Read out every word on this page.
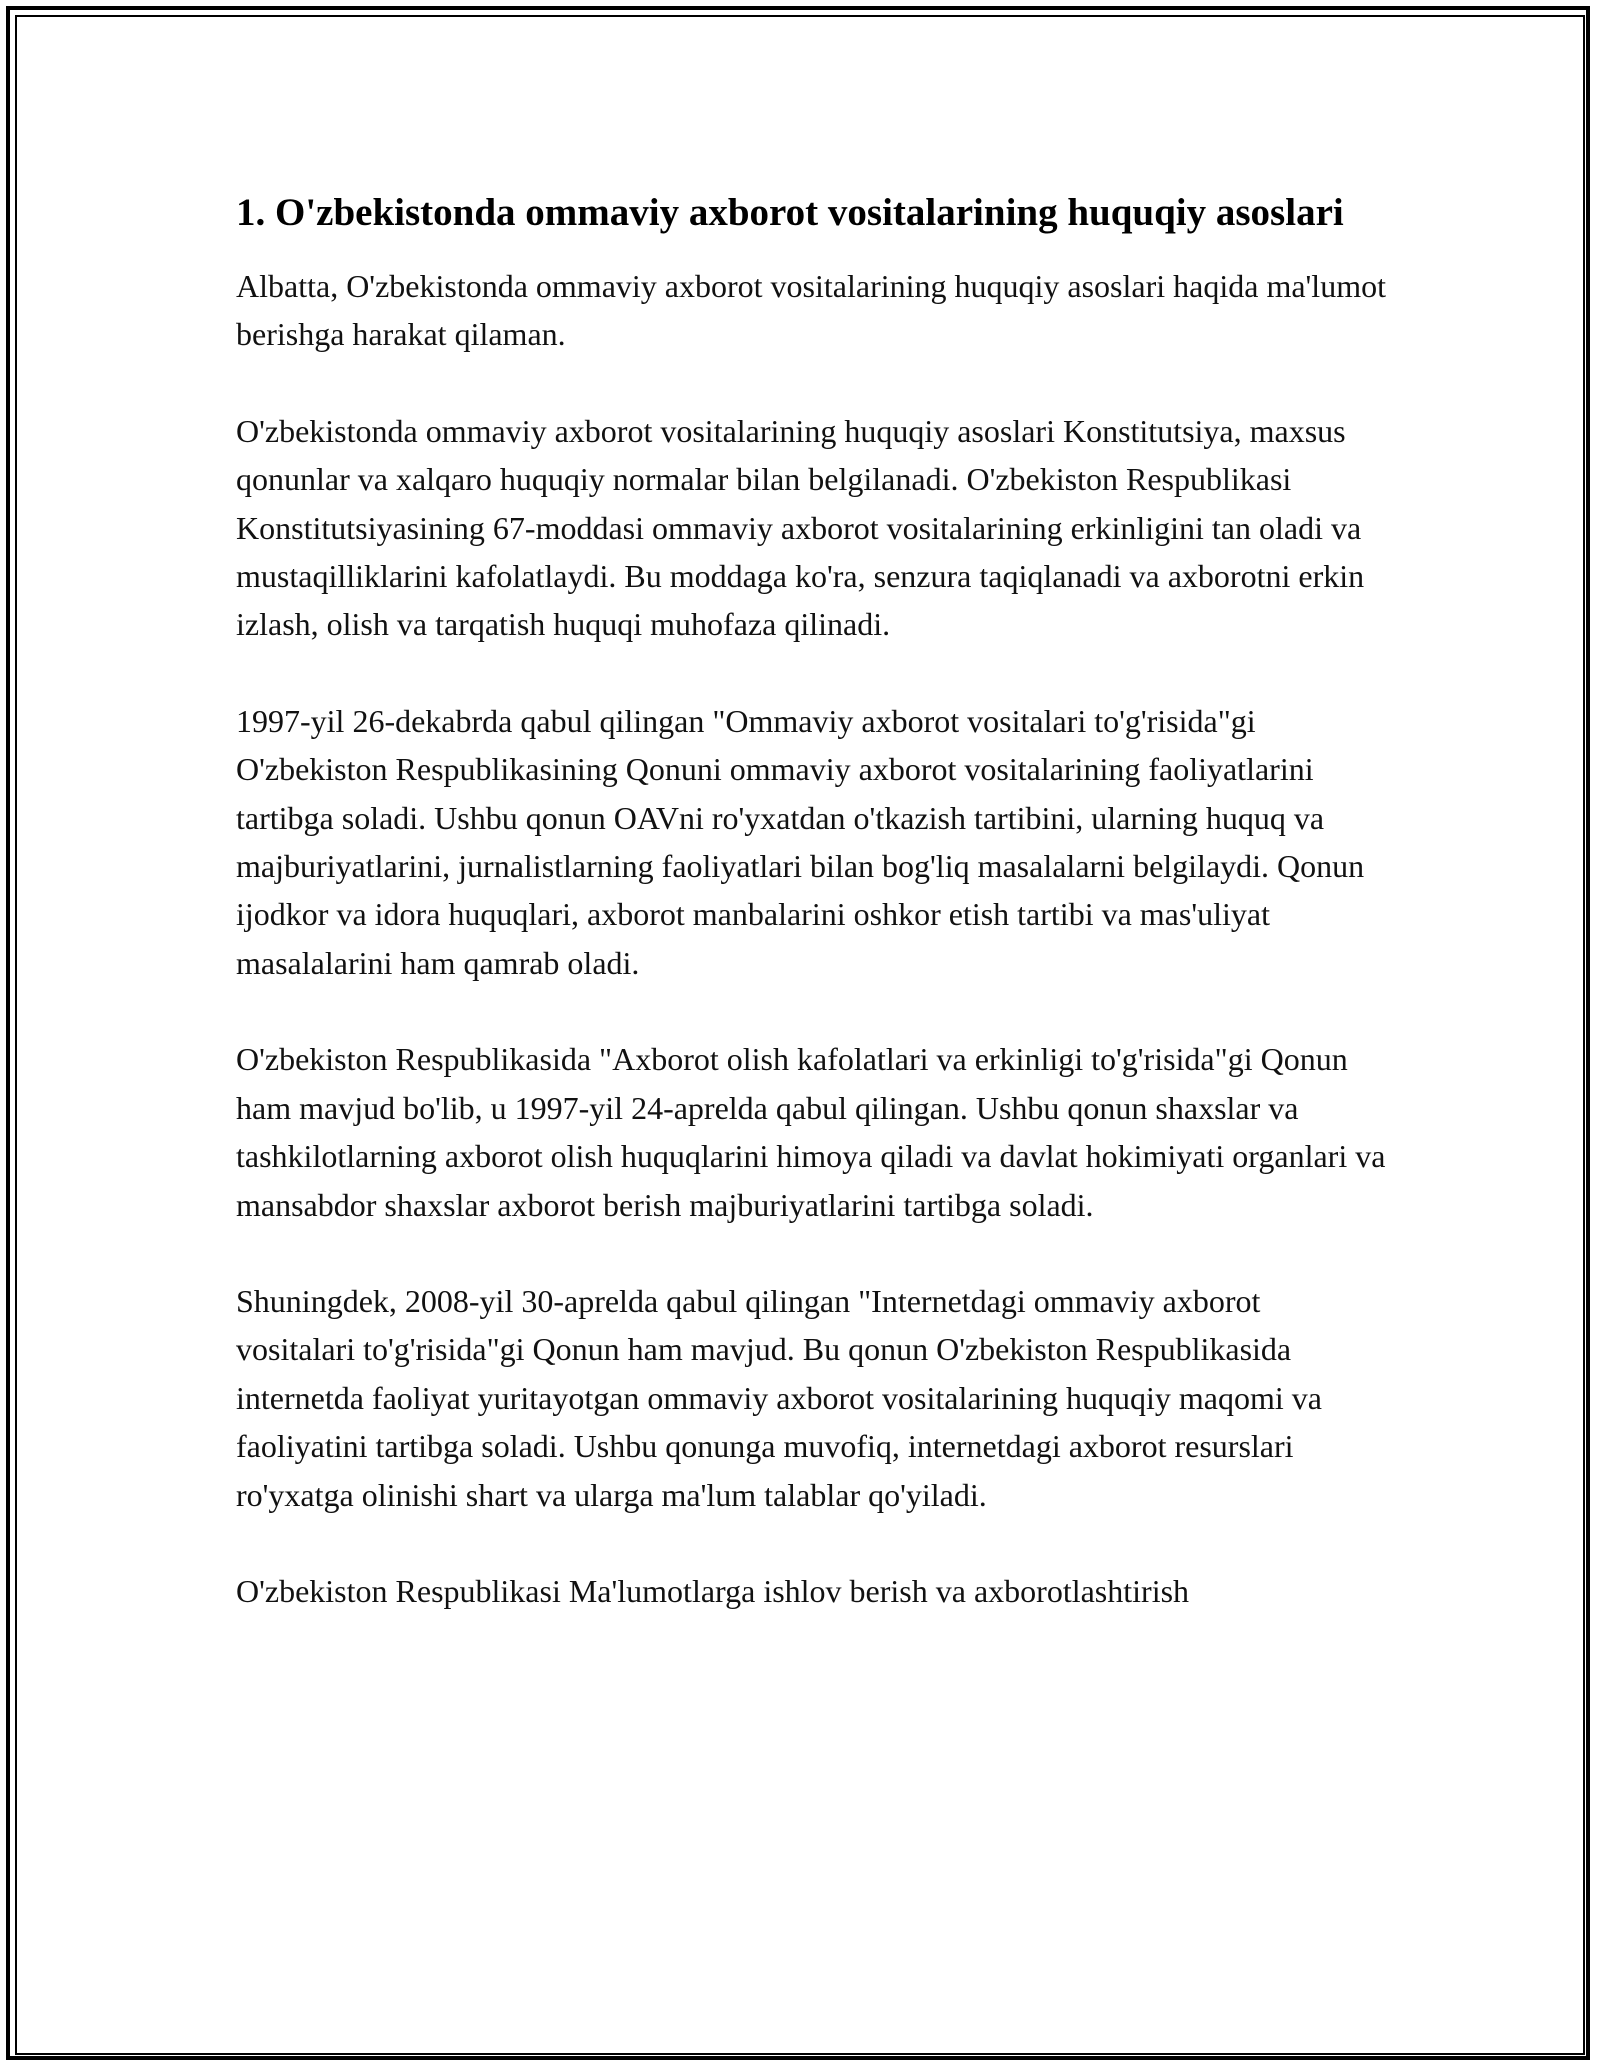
1. O'zbekistonda ommaviy axborot vositalarining huquqiy asoslari

Albatta, O'zbekistonda ommaviy axborot vositalarining huquqiy asoslari haqida ma'lumot berishga harakat qilaman.

O'zbekistonda ommaviy axborot vositalarining huquqiy asoslari Konstitutsiya, maxsus qonunlar va xalqaro huquqiy normalar bilan belgilanadi. O'zbekiston Respublikasi Konstitutsiyasining 67-moddasi ommaviy axborot vositalarining erkinligini tan oladi va mustaqilliklarini kafolatlaydi. Bu moddaga ko'ra, senzura taqiqlanadi va axborotni erkin izlash, olish va tarqatish huquqi muhofaza qilinadi.

1997-yil 26-dekabrda qabul qilingan "Ommaviy axborot vositalari to'g'risida"gi O'zbekiston Respublikasining Qonuni ommaviy axborot vositalarining faoliyatlarini tartibga soladi. Ushbu qonun OAVni ro'yxatdan o'tkazish tartibini, ularning huquq va majburiyatlarini, jurnalistlarning faoliyatlari bilan bog'liq masalalarni belgilaydi. Qonun ijodkor va idora huquqlari, axborot manbalarini oshkor etish tartibi va mas'uliyat masalalarini ham qamrab oladi.

O'zbekiston Respublikasida "Axborot olish kafolatlari va erkinligi to'g'risida"gi Qonun ham mavjud bo'lib, u 1997-yil 24-aprelda qabul qilingan. Ushbu qonun shaxslar va tashkilotlarning axborot olish huquqlarini himoya qiladi va davlat hokimiyati organlari va mansabdor shaxslar axborot berish majburiyatlarini tartibga soladi.

Shuningdek, 2008-yil 30-aprelda qabul qilingan "Internetdagi ommaviy axborot vositalari to'g'risida"gi Qonun ham mavjud. Bu qonun O'zbekiston Respublikasida internetda faoliyat yuritayotgan ommaviy axborot vositalarining huquqiy maqomi va faoliyatini tartibga soladi. Ushbu qonunga muvofiq, internetdagi axborot resurslari ro'yxatga olinishi shart va ularga ma'lum talablar qo'yiladi.

O'zbekiston Respublikasi Ma'lumotlarga ishlov berish va axborotlashtirish
